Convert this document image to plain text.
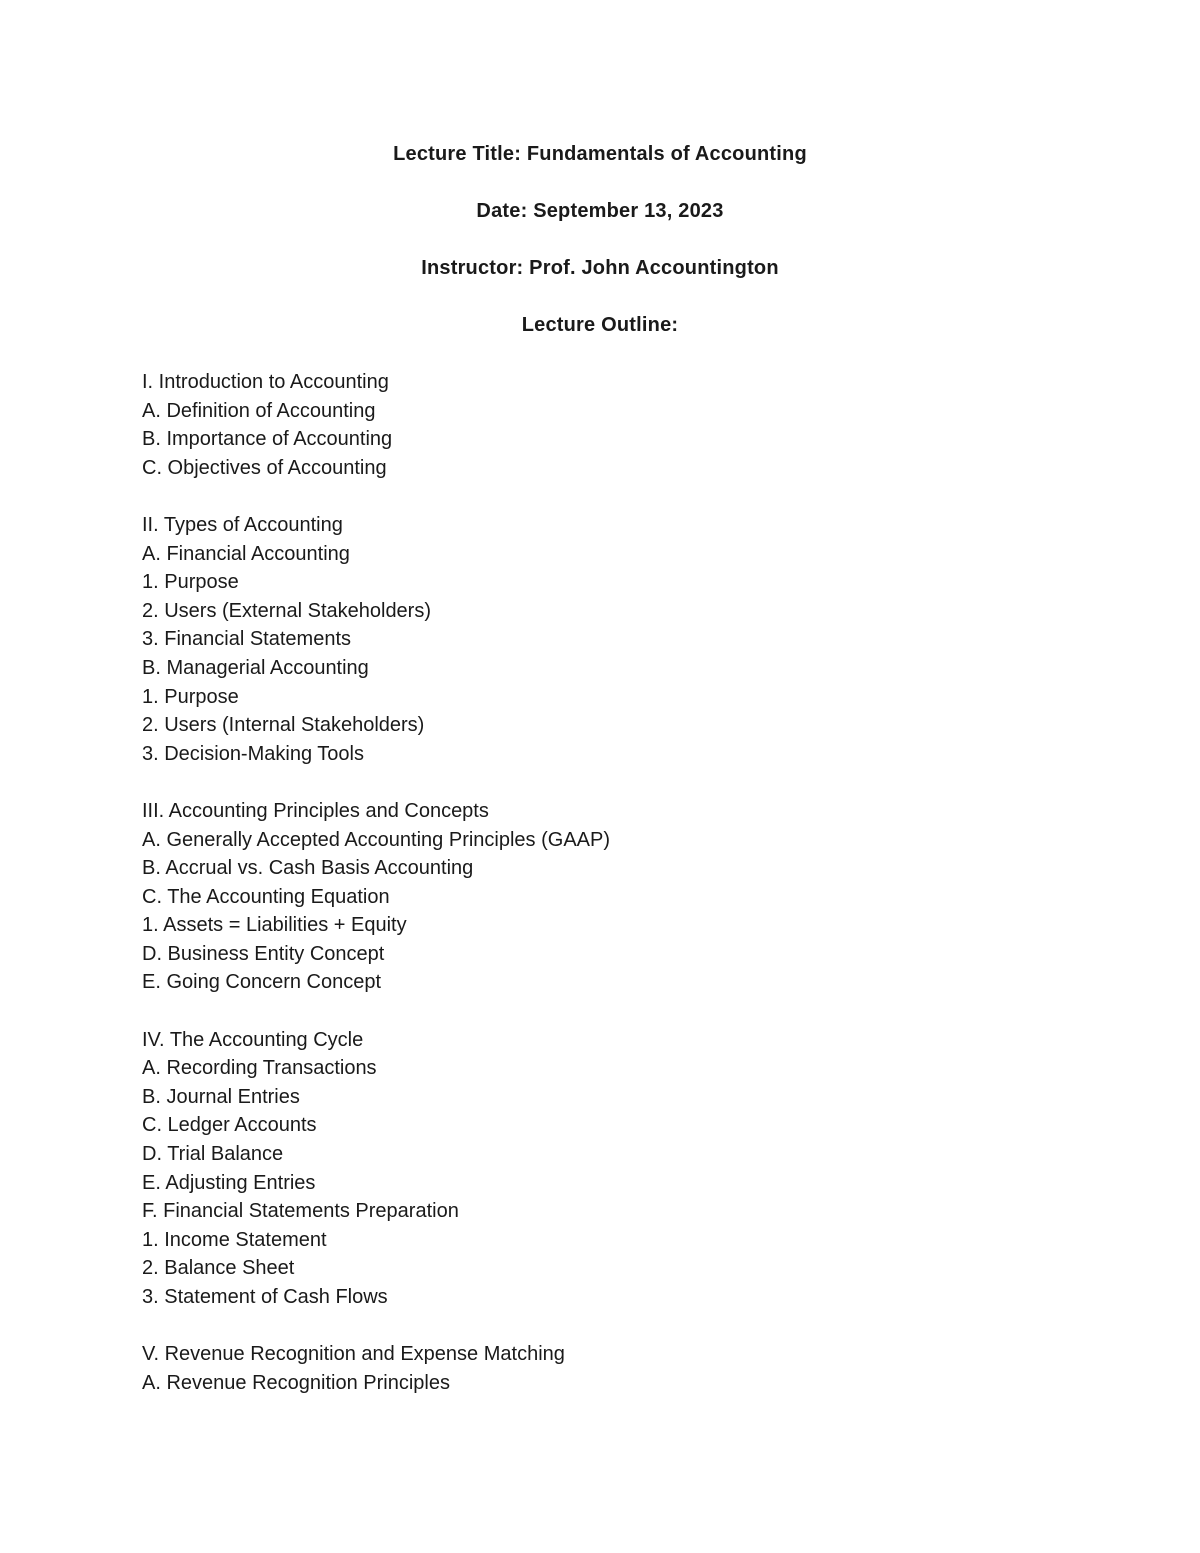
Lecture Title: Fundamentals of Accounting

Date: September 13, 2023

Instructor: Prof. John Accountington

Lecture Outline:

I. Introduction to Accounting
A. Definition of Accounting
B. Importance of Accounting
C. Objectives of Accounting
II. Types of Accounting
A. Financial Accounting
1. Purpose
2. Users (External Stakeholders)
3. Financial Statements
B. Managerial Accounting
1. Purpose
2. Users (Internal Stakeholders)
3. Decision-Making Tools
III. Accounting Principles and Concepts
A. Generally Accepted Accounting Principles (GAAP)
B. Accrual vs. Cash Basis Accounting
C. The Accounting Equation
1. Assets = Liabilities + Equity
D. Business Entity Concept
E. Going Concern Concept
IV. The Accounting Cycle
A. Recording Transactions
B. Journal Entries
C. Ledger Accounts
D. Trial Balance
E. Adjusting Entries
F. Financial Statements Preparation
1. Income Statement
2. Balance Sheet
3. Statement of Cash Flows
V. Revenue Recognition and Expense Matching
A. Revenue Recognition Principles
